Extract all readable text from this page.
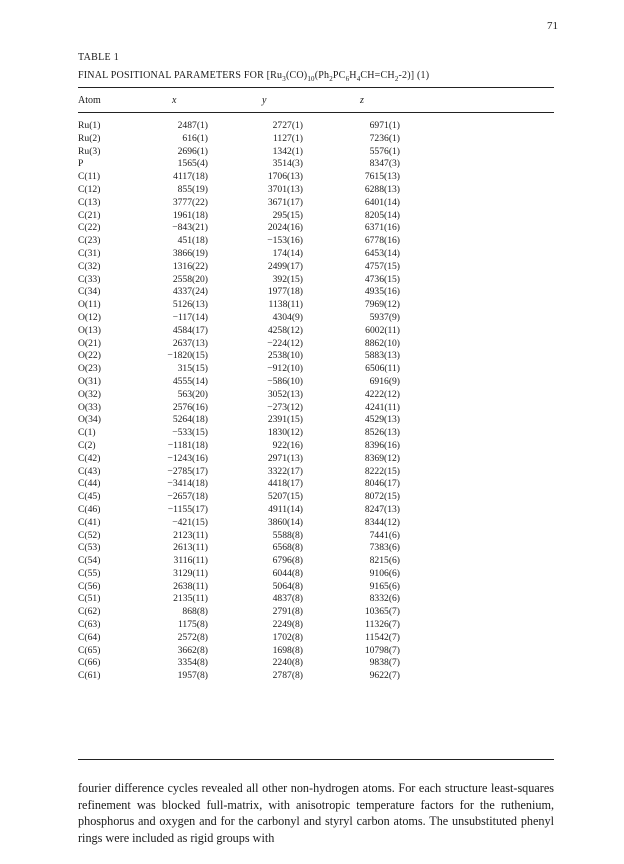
71
TABLE 1
FINAL POSITIONAL PARAMETERS FOR $[Ru_3(CO)_{10}(Ph_2PC_6H_4CH=CH_2-2)]$ (1)
Atom	x	y	z
Ru(1)	2487(1)	2727(1)	6971(1)
Ru(2)	616(1)	1127(1)	7236(1)
Ru(3)	2696(1)	1342(1)	5576(1)
P	1565(4)	3514(3)	8347(3)
C(11)	4117(18)	1706(13)	7615(13)
C(12)	855(19)	3701(13)	6288(13)
C(13)	3777(22)	3671(17)	6401(14)
C(21)	1961(18)	295(15)	8205(14)
C(22)	−843(21)	2024(16)	6371(16)
C(23)	451(18)	−153(16)	6778(16)
C(31)	3866(19)	174(14)	6453(14)
C(32)	1316(22)	2499(17)	4757(15)
C(33)	2558(20)	392(15)	4736(15)
C(34)	4337(24)	1977(18)	4935(16)
O(11)	5126(13)	1138(11)	7969(12)
O(12)	−117(14)	4304(9)	5937(9)
O(13)	4584(17)	4258(12)	6002(11)
O(21)	2637(13)	−224(12)	8862(10)
O(22)	−1820(15)	2538(10)	5883(13)
O(23)	315(15)	−912(10)	6506(11)
O(31)	4555(14)	−586(10)	6916(9)
O(32)	563(20)	3052(13)	4222(12)
O(33)	2576(16)	−273(12)	4241(11)
O(34)	5264(18)	2391(15)	4529(13)
C(1)	−533(15)	1830(12)	8526(13)
C(2)	−1181(18)	922(16)	8396(16)
C(42)	−1243(16)	2971(13)	8369(12)
C(43)	−2785(17)	3322(17)	8222(15)
C(44)	−3414(18)	4418(17)	8046(17)
C(45)	−2657(18)	5207(15)	8072(15)
C(46)	−1155(17)	4911(14)	8247(13)
C(41)	−421(15)	3860(14)	8344(12)
C(52)	2123(11)	5588(8)	7441(6)
C(53)	2613(11)	6568(8)	7383(6)
C(54)	3116(11)	6796(8)	8215(6)
C(55)	3129(11)	6044(8)	9106(6)
C(56)	2638(11)	5064(8)	9165(6)
C(51)	2135(11)	4837(8)	8332(6)
C(62)	868(8)	2791(8)	10365(7)
C(63)	1175(8)	2249(8)	11326(7)
C(64)	2572(8)	1702(8)	11542(7)
C(65)	3662(8)	1698(8)	10798(7)
C(66)	3354(8)	2240(8)	9838(7)
C(61)	1957(8)	2787(8)	9622(7)

fourier difference cycles revealed all other non-hydrogen atoms. For each structure least-squares refinement was blocked full-matrix, with anisotropic temperature factors for the ruthenium, phosphorus and oxygen and for the carbonyl and styryl carbon atoms. The unsubstituted phenyl rings were included as rigid groups with
